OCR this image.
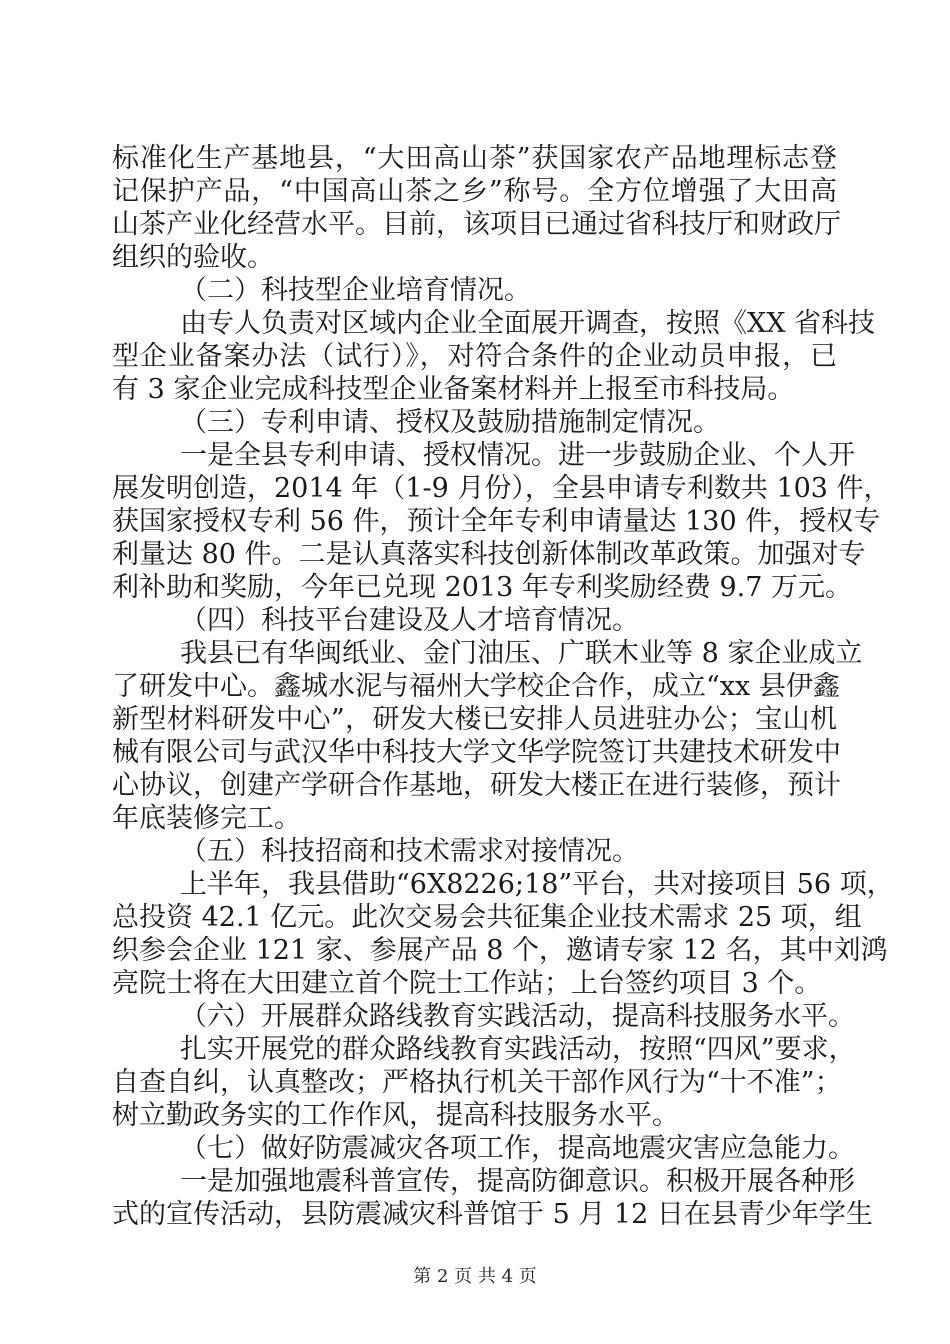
标准化生产基地县，“大田高山茶”获国家农产品地理标志登
记保护产品，“中国高山茶之乡”称号。全方位增强了大田高
山茶产业化经营水平。目前，该项目已通过省科技厅和财政厅
组织的验收。
（二）科技型企业培育情况。
由专人负责对区域内企业全面展开调查，按照《XX 省科技
型企业备案办法（试行）》，对符合条件的企业动员申报，已
有 3 家企业完成科技型企业备案材料并上报至市科技局。
（三）专利申请、授权及鼓励措施制定情况。
一是全县专利申请、授权情况。进一步鼓励企业、个人开
展发明创造，2014 年（1-9 月份），全县申请专利数共 103 件，
获国家授权专利 56 件，预计全年专利申请量达 130 件，授权专
利量达 80 件。二是认真落实科技创新体制改革政策。加强对专
利补助和奖励，今年已兑现 2013 年专利奖励经费 9.7 万元。
（四）科技平台建设及人才培育情况。
我县已有华闽纸业、金门油压、广联木业等 8 家企业成立
了研发中心。鑫城水泥与福州大学校企合作，成立“xx 县伊鑫
新型材料研发中心”，研发大楼已安排人员进驻办公；宝山机
械有限公司与武汉华中科技大学文华学院签订共建技术研发中
心协议，创建产学研合作基地，研发大楼正在进行装修，预计
年底装修完工。
（五）科技招商和技术需求对接情况。
上半年，我县借助“6X8226;18”平台，共对接项目 56 项，
总投资 42.1 亿元。此次交易会共征集企业技术需求 25 项，组
织参会企业 121 家、参展产品 8 个，邀请专家 12 名，其中刘鸿
亮院士将在大田建立首个院士工作站；上台签约项目 3 个。
（六）开展群众路线教育实践活动，提高科技服务水平。
扎实开展党的群众路线教育实践活动，按照“四风”要求，
自查自纠，认真整改；严格执行机关干部作风行为“十不准”；
树立勤政务实的工作作风，提高科技服务水平。
（七）做好防震减灾各项工作，提高地震灾害应急能力。
一是加强地震科普宣传，提高防御意识。积极开展各种形
式的宣传活动，县防震减灾科普馆于 5 月 12 日在县青少年学生
第 2 页 共 4 页
